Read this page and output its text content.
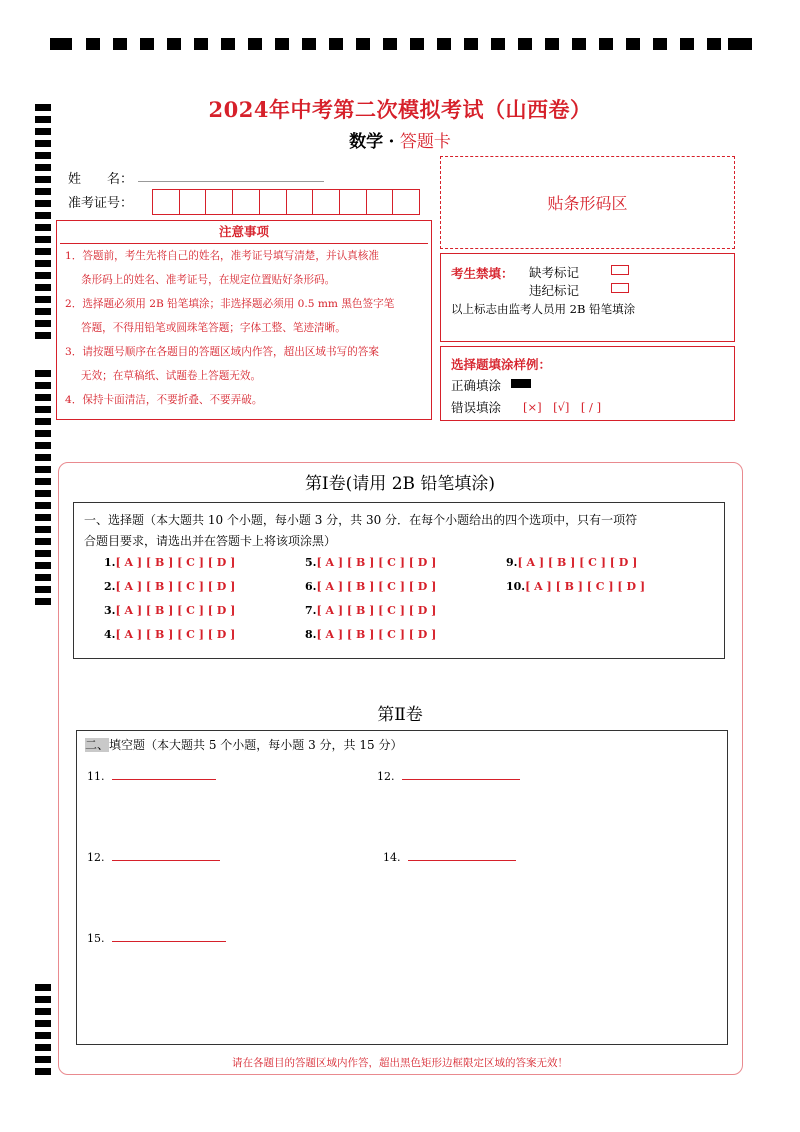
2024年中考第二次模拟考试（山西卷）
数学 · 答题卡
姓　　名：
准考证号：	贴条形码区
注意事项

1．答题前，考生先将自己的姓名，准考证号填写清楚，并认真核准

条形码上的姓名、准考证号，在规定位置贴好条形码。

2．选择题必须用 2B 铅笔填涂；非选择题必须用 0.5 mm 黑色签字笔

答题，不得用铅笔或圆珠笔答题；字体工整、笔迹清晰。

3．请按题号顺序在各题目的答题区域内作答，超出区域书写的答案

无效；在草稿纸、试题卷上答题无效。

4．保持卡面清洁，不要折叠、不要弄破。

考生禁填： 缺考标记
违纪标记
以上标志由监考人员用 2B 铅笔填涂
选择题填涂样例：
正确填涂
错误填涂 [×]　[√]　[ / ]
第Ⅰ卷(请用 2B 铅笔填涂)
一、选择题（本大题共 10 个小题，每小题 3 分，共 30 分．在每个小题给出的四个选项中，只有一项符
合题目要求，请选出并在答题卡上将该项涂黑）
1.[ A ] [ B ] [ C ] [ D ]
2.[ A ] [ B ] [ C ] [ D ]
3.[ A ] [ B ] [ C ] [ D ]
4.[ A ] [ B ] [ C ] [ D ]
5.[ A ] [ B ] [ C ] [ D ]
6.[ A ] [ B ] [ C ] [ D ]
7.[ A ] [ B ] [ C ] [ D ]
8.[ A ] [ B ] [ C ] [ D ]
9.[ A ] [ B ] [ C ] [ D ]
10.[ A ] [ B ] [ C ] [ D ]
第Ⅱ卷
二、填空题（本大题共 5 个小题，每小题 3 分，共 15 分）
11.	12.
12.	14.
15.
请在各题目的答题区域内作答，超出黑色矩形边框限定区域的答案无效！
